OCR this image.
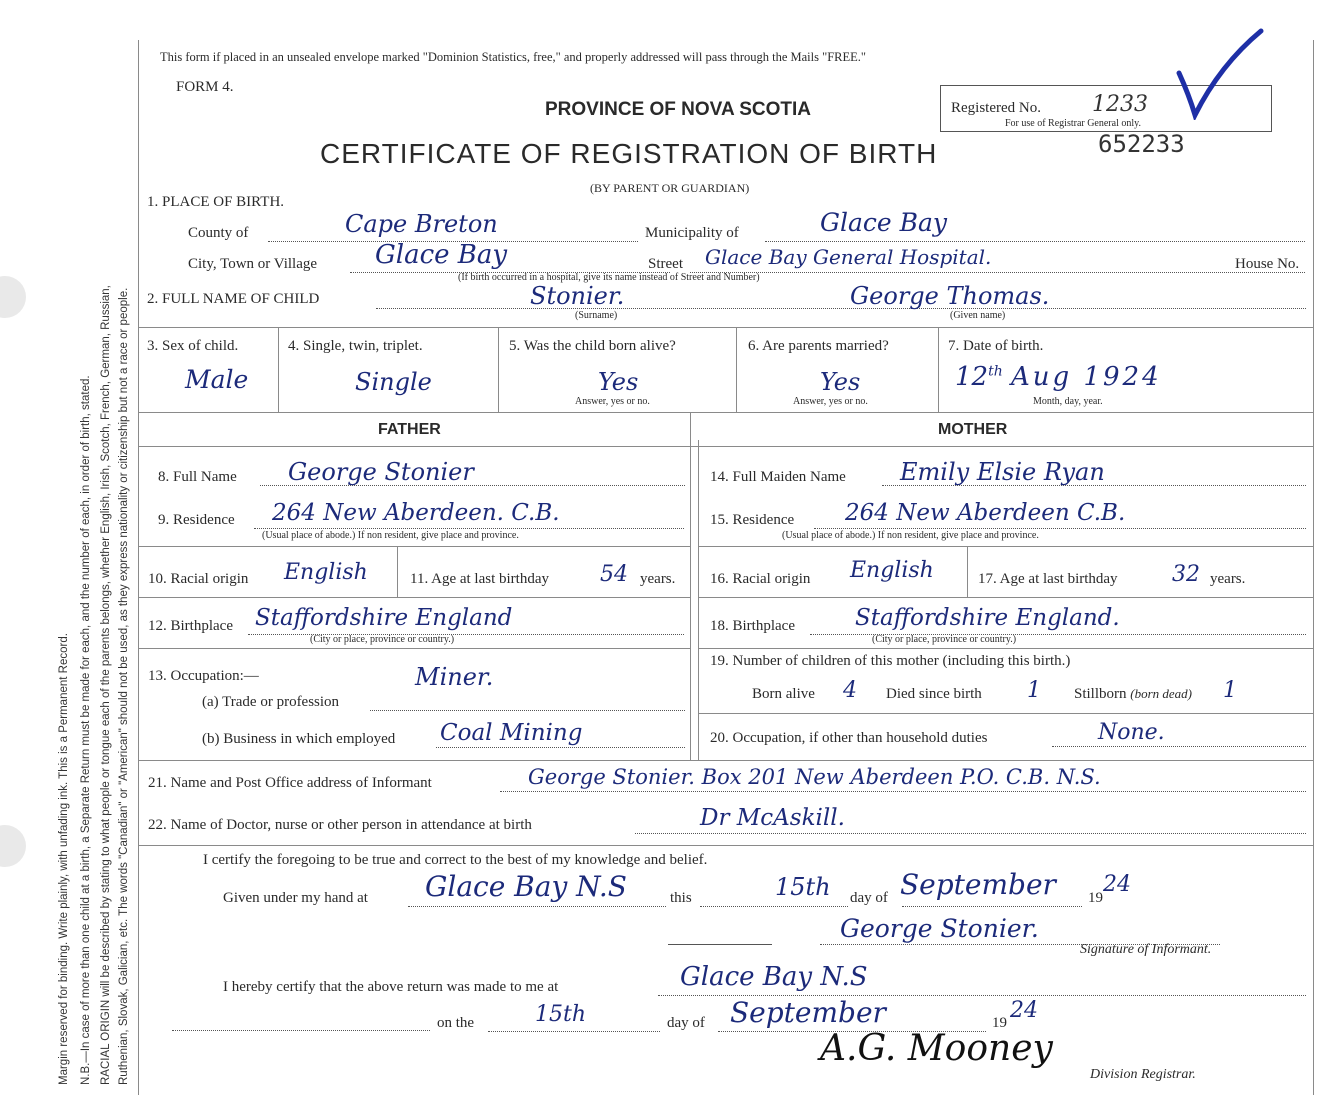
Margin reserved for binding. Write plainly, with unfading ink. This is a Permanent Record. N.B.—In case of more than one child at a birth, a Separate Return must be made for each, and the number of each, in order of birth, stated. RACIAL ORIGIN will be described by stating to what people or tongue each of the parents belongs, whether English, Irish, Scotch, French, German, Russian, Ruthenian, Slovak, Galician, etc. The words "Canadian" or "American" should not be used, as they express nationality or citizenship but not a race or people.
This form if placed in an unsealed envelope marked "Dominion Statistics, free," and properly addressed will pass through the Mails "FREE."
FORM 4.
PROVINCE OF NOVA SCOTIA
CERTIFICATE OF REGISTRATION OF BIRTH
(BY PARENT OR GUARDIAN)
Registered No. 1233
For use of Registrar General only.
652233
1. PLACE OF BIRTH.
County of	Cape Breton	Municipality of	Glace Bay
City, Town or Village Glace Bay	Street Glace Bay General Hospital.	House No.
(If birth occurred in a hospital, give its name instead of Street and Number)
2. FULL NAME OF CHILD	Stonier.
(Surname)
George Thomas.
(Given name)
3. Sex of child.
Male
4. Single, twin, triplet.
Single
5. Was the child born alive?
Yes
Answer, yes or no.
6. Are parents married?
Yes
Answer, yes or no.
7. Date of birth.
12th Aug 1924
Month, day, year.
FATHER	MOTHER
8. Full Name George Stonier
9. Residence 264 New Aberdeen. C.B.
(Usual place of abode.) If non resident, give place and province.
10. Racial origin English	11. Age at last birthday 54 years.
12. Birthplace Staffordshire England
(City or place, province or country.)
13. Occupation:—	Miner.
(a) Trade or profession
(b) Business in which employed Coal Mining
14. Full Maiden Name Emily Elsie Ryan
15. Residence 264 New Aberdeen C.B.
(Usual place of abode.) If non resident, give place and province.
16. Racial origin English	17. Age at last birthday 32 years.
18. Birthplace	Staffordshire England.
(City or place, province or country.)
19. Number of children of this mother (including this birth.)
Born alive 4 Died since birth 1 Stillborn (born dead) 1
20. Occupation, if other than household duties	None.
21. Name and Post Office address of Informant	George Stonier. Box 201 New Aberdeen P.O. C.B. N.S.
22. Name of Doctor, nurse or other person in attendance at birth	Dr McAskill.
I certify the foregoing to be true and correct to the best of my knowledge and belief.
Given under my hand at Glace Bay N.S	this	15th day of September 19
24
George Stonier.
Signature of Informant.
I hereby certify that the above return was made to me at	Glace Bay N.S
on the	15th	day of September	19 24
A.G. Mooney
Division Registrar.
